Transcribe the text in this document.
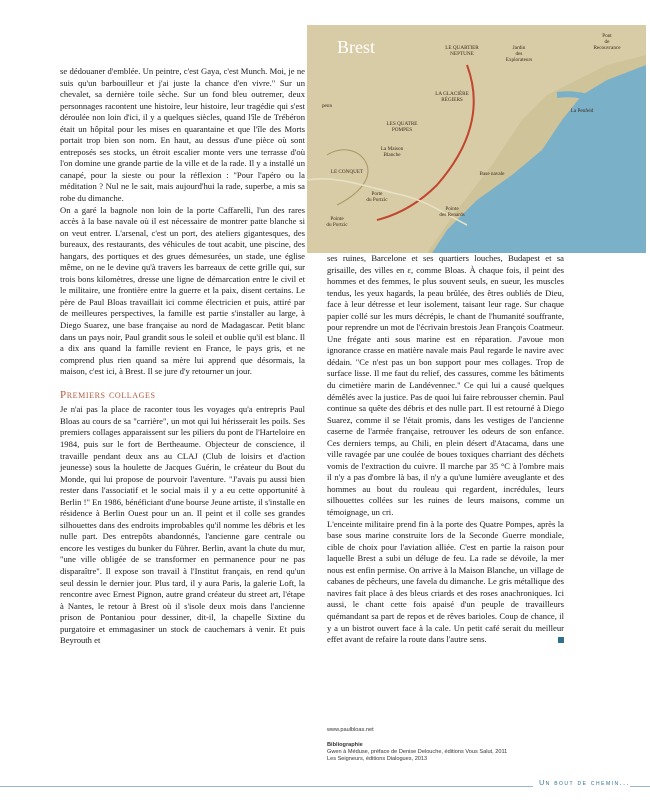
Brest	LE QUARTIER NEPTUNE
Jardin des Explorateurs
Pont de Recouvrance
LA GLACIÈRE RÉGIERS
LES QUATRE POMPES
La Maison Blanche
La Penfeld
LE CONQUET
Porte du Portzic
Base navale
Pointe des Renards
Pointe du Portzic
penn

se dédouaner d'emblée. Un peintre, c'est Gaya, c'est Munch. Moi, je ne suis qu'un barbouilleur et j'ai juste la chance d'en vivre." Sur un chevalet, sa dernière toile sèche. Sur un fond bleu outremer, deux personnages racontent une histoire, leur histoire, leur tragédie qui s'est déroulée non loin d'ici, il y a quelques siècles, quand l'île de Trébéron était un hôpital pour les mises en quarantaine et que l'île des Morts portait trop bien son nom. En haut, au dessus d'une pièce où sont entreposés ses stocks, un étroit escalier monte vers une terrasse d'où l'on domine une grande partie de la ville et de la rade. Il y a installé un canapé, pour la sieste ou pour la réflexion : "Pour l'apéro ou la méditation ? Nul ne le sait, mais aujourd'hui la rade, superbe, a mis sa robe du dimanche.

On a garé la bagnole non loin de la porte Caffarelli, l'un des rares accès à la base navale où il est nécessaire de montrer patte blanche si on veut entrer. L'arsenal, c'est un port, des ateliers gigantesques, des bureaux, des restaurants, des véhicules de tout acabit, une piscine, des hangars, des portiques et des grues démesurées, un stade, une église même, on ne le devine qu'à travers les barreaux de cette grille qui, sur trois bons kilomètres, dresse une ligne de démarcation entre le civil et le militaire, une frontière entre la guerre et la paix, disent certains. Le père de Paul Bloas travaillait ici comme électricien et puis, attiré par de meilleures perspectives, la famille est partie s'installer au large, à Diego Suarez, une base française au nord de Madagascar. Petit blanc dans un pays noir, Paul grandit sous le soleil et oublie qu'il est blanc. Il a dix ans quand la famille revient en France, le pays gris, et ne comprend plus rien quand sa mère lui apprend que désormais, la maison, c'est ici, à Brest. Il se jure d'y retourner un jour.

Premiers collages

Je n'ai pas la place de raconter tous les voyages qu'a entrepris Paul Bloas au cours de sa "carrière", un mot qui lui hérisserait les poils. Ses premiers collages apparaissent sur les piliers du pont de l'Harteloire en 1984, puis sur le fort de Bertheaume. Objecteur de conscience, il travaille pendant deux ans au CLAJ (Club de loisirs et d'action jeunesse) sous la houlette de Jacques Guérin, le créateur du Bout du Monde, qui lui propose de pourvoir l'aventure. "J'avais pu aussi bien rester dans l'associatif et le social mais il y a eu cette opportunité à Berlin !" En 1986, bénéficiant d'une bourse Jeune artiste, il s'installe en résidence à Berlin Ouest pour un an. Il peint et il colle ses grandes silhouettes dans des endroits improbables qu'il nomme les débris et les nulle part. Des entrepôts abandonnés, l'ancienne gare centrale ou encore les vestiges du bunker du Führer. Berlin, avant la chute du mur, "une ville obligée de se transformer en permanence pour ne pas disparaître". Il expose son travail à l'Institut français, en rend qu'un seul dessin le dernier jour. Plus tard, il y aura Paris, la galerie Loft, la rencontre avec Ernest Pignon, autre grand créateur du street art, l'étape à Nantes, le retour à Brest où il s'isole deux mois dans l'ancienne prison de Pontaniou pour dessiner, dit-il, la chapelle Sixtine du purgatoire et emmagasiner un stock de cauchemars à venir. Et puis Beyrouth et

ses ruines, Barcelone et ses quartiers louches, Budapest et sa grisaille, des villes en ε, comme Bloas. À chaque fois, il peint des hommes et des femmes, le plus souvent seuls, en sueur, les muscles tendus, les yeux hagards, la peau brûlée, des êtres oubliés de Dieu, face à leur détresse et leur isolement, taisant leur rage. Sur chaque papier collé sur les murs décrépis, le chant de l'humanité souffrante, pour reprendre un mot de l'écrivain brestois Jean François Coatmeur.

Une frégate anti sous marine est en réparation. J'avoue mon ignorance crasse en matière navale mais Paul regarde le navire avec dédain. "Ce n'est pas un bon support pour mes collages. Trop de surface lisse. Il me faut du relief, des cassures, comme les bâtiments du cimetière marin de Landévennec." Ce qui lui a causé quelques démêlés avec la justice. Pas de quoi lui faire rebrousser chemin. Paul continue sa quête des débris et des nulle part. Il est retourné à Diego Suarez, comme il se l'était promis, dans les vestiges de l'ancienne caserne de l'armée française, retrouver les odeurs de son enfance. Ces derniers temps, au Chili, en plein désert d'Atacama, dans une ville ravagée par une coulée de boues toxiques charriant des déchets vomis de l'extraction du cuivre. Il marche par 35 °C à l'ombre mais il n'y a pas d'ombre là bas, il n'y a qu'une lumière aveuglante et des hommes au bout du rouleau qui regardent, incrédules, leurs silhouettes collées sur les ruines de leurs maisons, comme un témoignage, un cri.

L'enceinte militaire prend fin à la porte des Quatre Pompes, après la base sous marine construite lors de la Seconde Guerre mondiale, cible de choix pour l'aviation alliée. C'est en partie la raison pour laquelle Brest a subi un déluge de feu. La rade se dévoile, la mer nous est enfin permise. On arrive à la Maison Blanche, un village de cabanes de pêcheurs, une favela du dimanche. Le gris métallique des navires fait place à des bleus criards et des roses anachroniques. Ici aussi, le chant cette fois apaisé d'un peuple de travailleurs quémandant sa part de repos et de rêves barioles. Coup de chance, il y a un bistrot ouvert face à la cale. Un petit café serait du meilleur effet avant de refaire la route dans l'autre sens.

www.paulbloas.net
Bibliographie
Gwen à Méduse, préface de Denise Delouche, éditions Vous Salut, 2011
Les Seigneurs, éditions Dialogues, 2013
Un bout de chemin...
